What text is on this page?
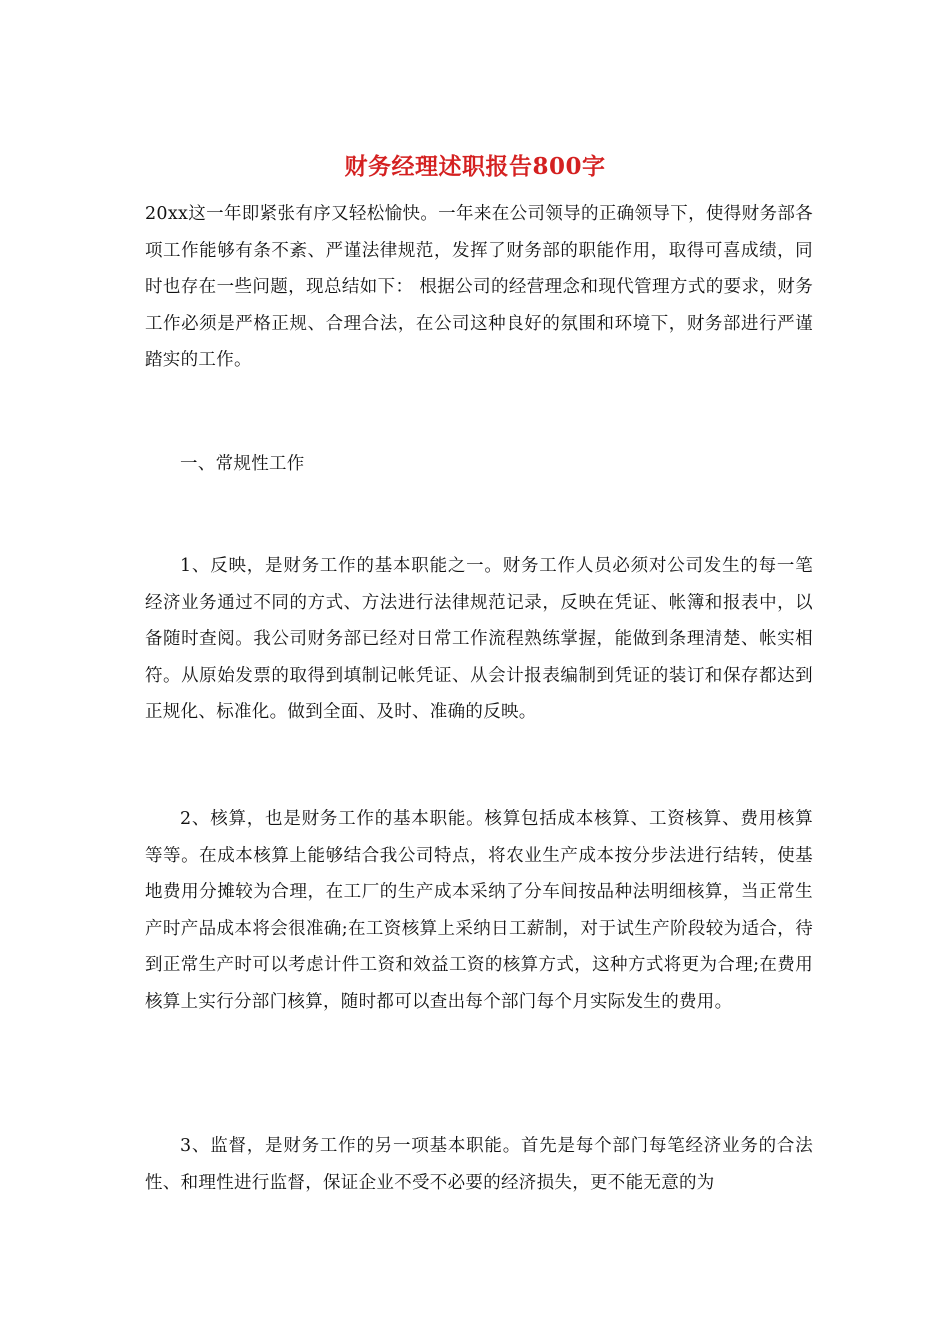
财务经理述职报告800字

20xx这一年即紧张有序又轻松愉快。一年来在公司领导的正确领导下，使得财务部各项工作能够有条不紊、严谨法律规范，发挥了财务部的职能作用，取得可喜成绩，同时也存在一些问题，现总结如下： 根据公司的经营理念和现代管理方式的要求，财务工作必须是严格正规、合理合法，在公司这种良好的氛围和环境下，财务部进行严谨踏实的工作。

一、常规性工作

1、反映，是财务工作的基本职能之一。财务工作人员必须对公司发生的每一笔经济业务通过不同的方式、方法进行法律规范记录，反映在凭证、帐簿和报表中，以备随时查阅。我公司财务部已经对日常工作流程熟练掌握，能做到条理清楚、帐实相符。从原始发票的取得到填制记帐凭证、从会计报表编制到凭证的装订和保存都达到正规化、标准化。做到全面、及时、准确的反映。

2、核算，也是财务工作的基本职能。核算包括成本核算、工资核算、费用核算等等。在成本核算上能够结合我公司特点，将农业生产成本按分步法进行结转，使基地费用分摊较为合理，在工厂的生产成本采纳了分车间按品种法明细核算，当正常生产时产品成本将会很准确;在工资核算上采纳日工薪制，对于试生产阶段较为适合，待到正常生产时可以考虑计件工资和效益工资的核算方式，这种方式将更为合理;在费用核算上实行分部门核算，随时都可以查出每个部门每个月实际发生的费用。

3、监督，是财务工作的另一项基本职能。首先是每个部门每笔经济业务的合法性、和理性进行监督，保证企业不受不必要的经济损失，更不能无意的为
